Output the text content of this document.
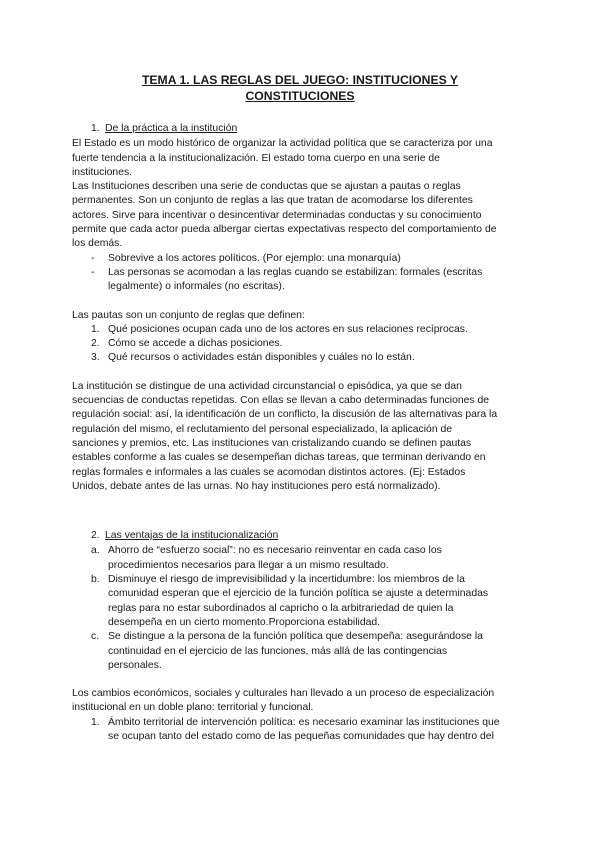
TEMA 1. LAS REGLAS DEL JUEGO: INSTITUCIONES Y
CONSTITUCIONES
1. De la práctica a la institución
El Estado es un modo histórico de organizar la actividad política que se caracteriza por una
fuerte tendencia a la institucionalización. El estado toma cuerpo en una serie de
instituciones.
Las Instituciones describen una serie de conductas que se ajustan a pautas o reglas
permanentes. Son un conjunto de reglas a las que tratan de acomodarse los diferentes
actores. Sirve para incentivar o desincentivar determinadas conductas y su conocimiento
permite que cada actor pueda albergar ciertas expectativas respecto del comportamiento de
los demás.
- Sobrevive a los actores políticos. (Por ejemplo: una monarquía)
- Las personas se acomodan a las reglas cuando se estabilizan: formales (escritas
legalmente) o informales (no escritas).
Las pautas son un conjunto de reglas que definen:
1. Qué posiciones ocupan cada uno de los actores en sus relaciones recíprocas.
2. Cómo se accede a dichas posiciones.
3. Qué recursos o actividades están disponibles y cuáles no lo están.
La institución se distingue de una actividad circunstancial o episódica, ya que se dan
secuencias de conductas repetidas. Con ellas se llevan a cabo determinadas funciones de
regulación social: así, la identificación de un conflicto, la discusión de las alternativas para la
regulación del mismo, el reclutamiento del personal especializado, la aplicación de
sanciones y premios, etc. Las instituciones van cristalizando cuando se definen pautas
estables conforme a las cuales se desempeñan dichas tareas, que terminan derivando en
reglas formales e informales a las cuales se acomodan distintos actores. (Ej: Estados
Unidos, debate antes de las urnas. No hay instituciones pero está normalizado).
2. Las ventajas de la institucionalización
a. Ahorro de “esfuerzo social”: no es necesario reinventar en cada caso los
procedimientos necesarios para llegar a un mismo resultado.
b. Disminuye el riesgo de imprevisibilidad y la incertidumbre: los miembros de la
comunidad esperan que el ejercicio de la función política se ajuste a determinadas
reglas para no estar subordinados al capricho o la arbitrariedad de quien la
desempeña en un cierto momento.Proporciona estabilidad.
c. Se distingue a la persona de la función política que desempeña: asegurándose la
continuidad en el ejercicio de las funciones, más allá de las contingencias
personales.
Los cambios económicos, sociales y culturales han llevado a un proceso de especialización
institucional en un doble plano: territorial y funcional.
1. Ámbito territorial de intervención política: es necesario examinar las instituciones que
se ocupan tanto del estado como de las pequeñas comunidades que hay dentro del
